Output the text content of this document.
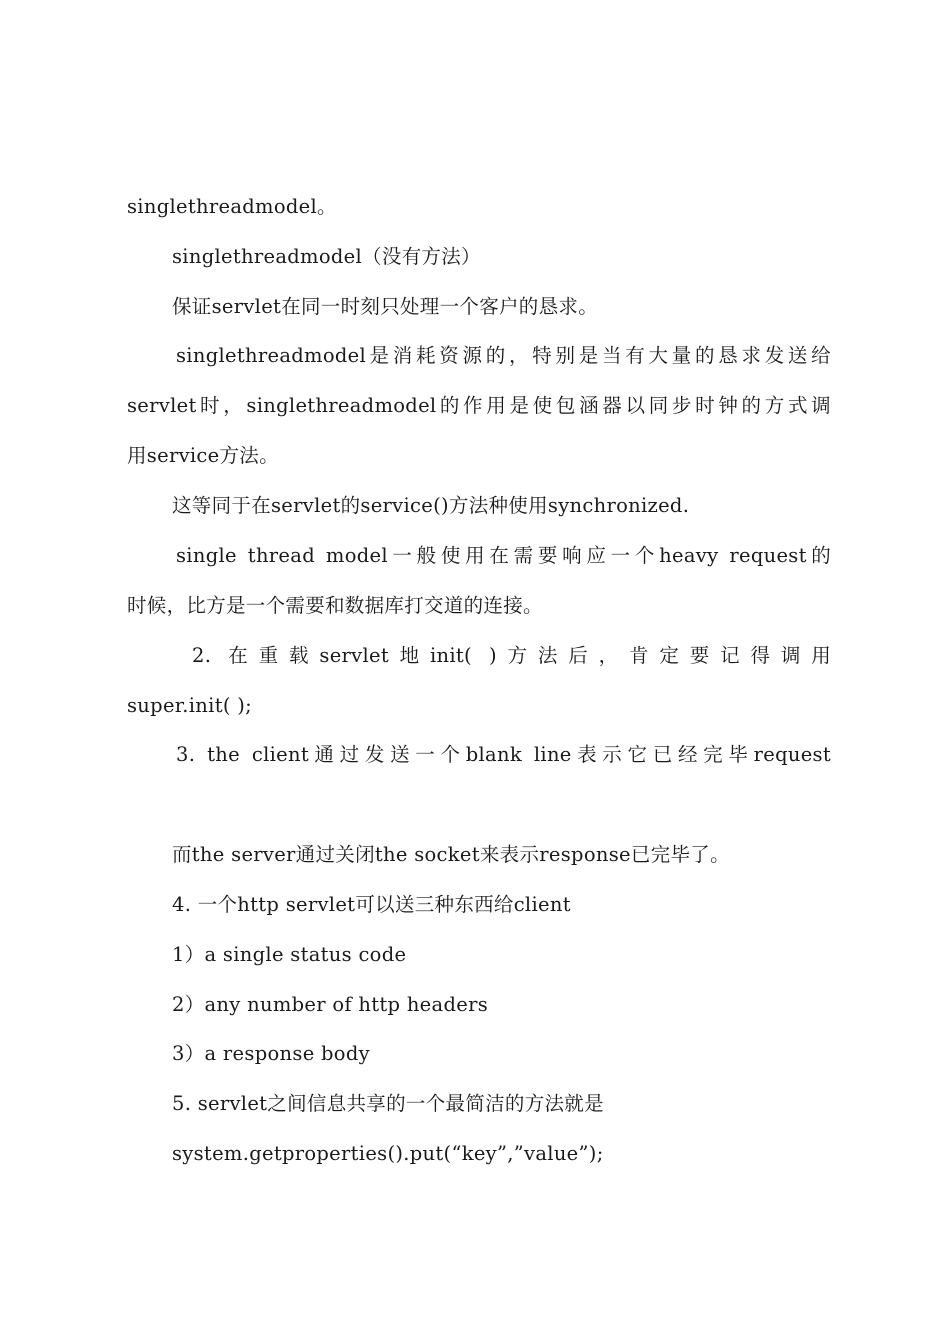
singlethreadmodel。
singlethreadmodel（没有方法）
保证servlet在同一时刻只处理一个客户的恳求。
singlethreadmodel是消耗资源的，特别是当有大量的恳求发送给
servlet时，singlethreadmodel的作用是使包涵器以同步时钟的方式调
用service方法。
这等同于在servlet的service()方法种使用synchronized.
single thread model一般使用在需要响应一个heavy request的
时候，比方是一个需要和数据库打交道的连接。
2. 在重载servlet地init( )方法后，肯定要记得调用
super.init( );
3. the client通过发送一个blank line表示它已经完毕request
而the server通过关闭the socket来表示response已完毕了。
4. 一个http servlet可以送三种东西给client
1）a single status code
2）any number of http headers
3）a response body
5. servlet之间信息共享的一个最简洁的方法就是
system.getproperties().put(“key”,”value”);
